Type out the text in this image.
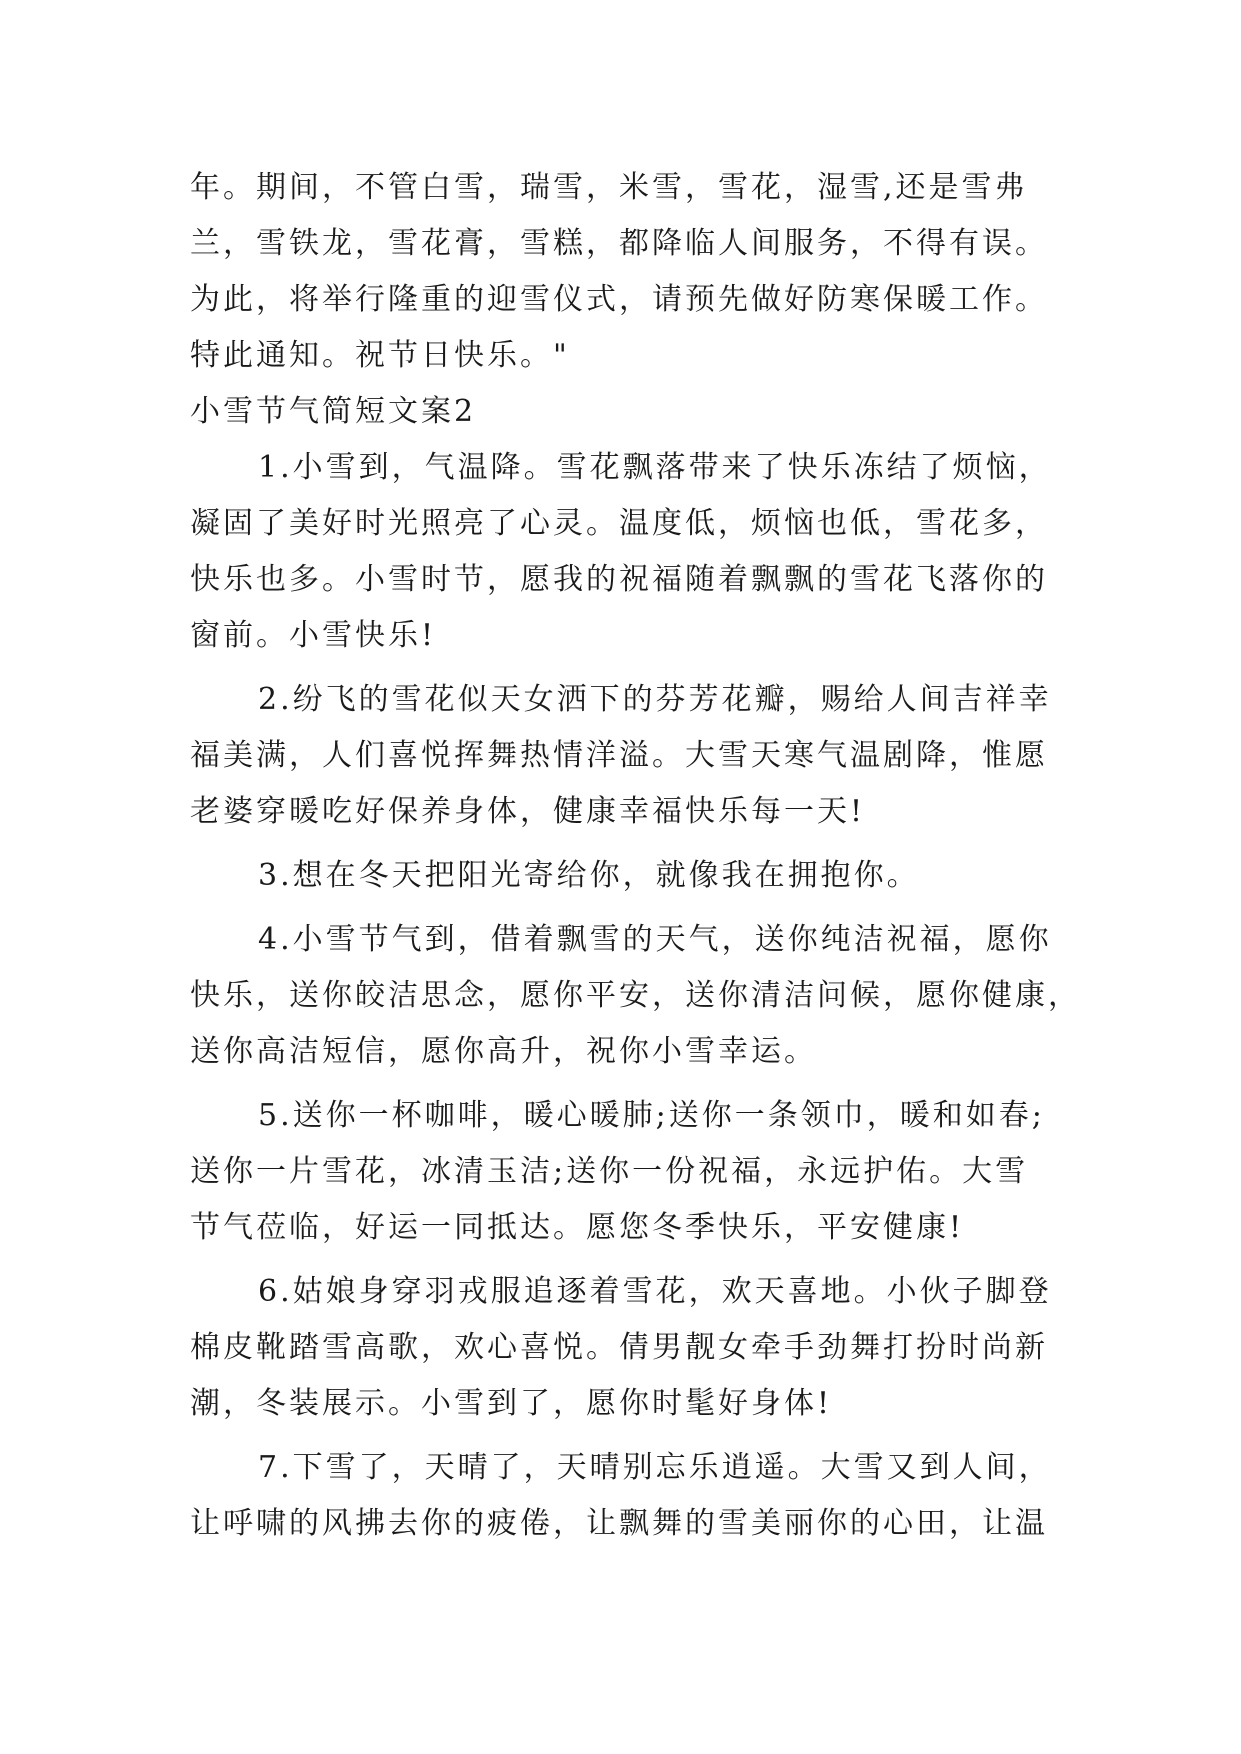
年。期间，不管白雪，瑞雪，米雪，雪花，湿雪,还是雪弗
兰，雪铁龙，雪花膏，雪糕，都降临人间服务，不得有误。
为此，将举行隆重的迎雪仪式，请预先做好防寒保暖工作。
特此通知。祝节日快乐。"
小雪节气简短文案2
1.小雪到，气温降。雪花飘落带来了快乐冻结了烦恼，
凝固了美好时光照亮了心灵。温度低，烦恼也低，雪花多，
快乐也多。小雪时节，愿我的祝福随着飘飘的雪花飞落你的
窗前。小雪快乐!
2.纷飞的雪花似天女洒下的芬芳花瓣，赐给人间吉祥幸
福美满，人们喜悦挥舞热情洋溢。大雪天寒气温剧降，惟愿
老婆穿暖吃好保养身体，健康幸福快乐每一天!
3.想在冬天把阳光寄给你，就像我在拥抱你。
4.小雪节气到，借着飘雪的天气，送你纯洁祝福，愿你
快乐，送你皎洁思念，愿你平安，送你清洁问候，愿你健康，
送你高洁短信，愿你高升，祝你小雪幸运。
5.送你一杯咖啡，暖心暖肺;送你一条领巾，暖和如春;
送你一片雪花，冰清玉洁;送你一份祝福，永远护佑。大雪
节气莅临，好运一同抵达。愿您冬季快乐，平安健康!
6.姑娘身穿羽戎服追逐着雪花，欢天喜地。小伙子脚登
棉皮靴踏雪高歌，欢心喜悦。倩男靓女牵手劲舞打扮时尚新
潮，冬装展示。小雪到了，愿你时髦好身体!
7.下雪了，天晴了，天晴别忘乐逍遥。大雪又到人间，
让呼啸的风拂去你的疲倦，让飘舞的雪美丽你的心田，让温
